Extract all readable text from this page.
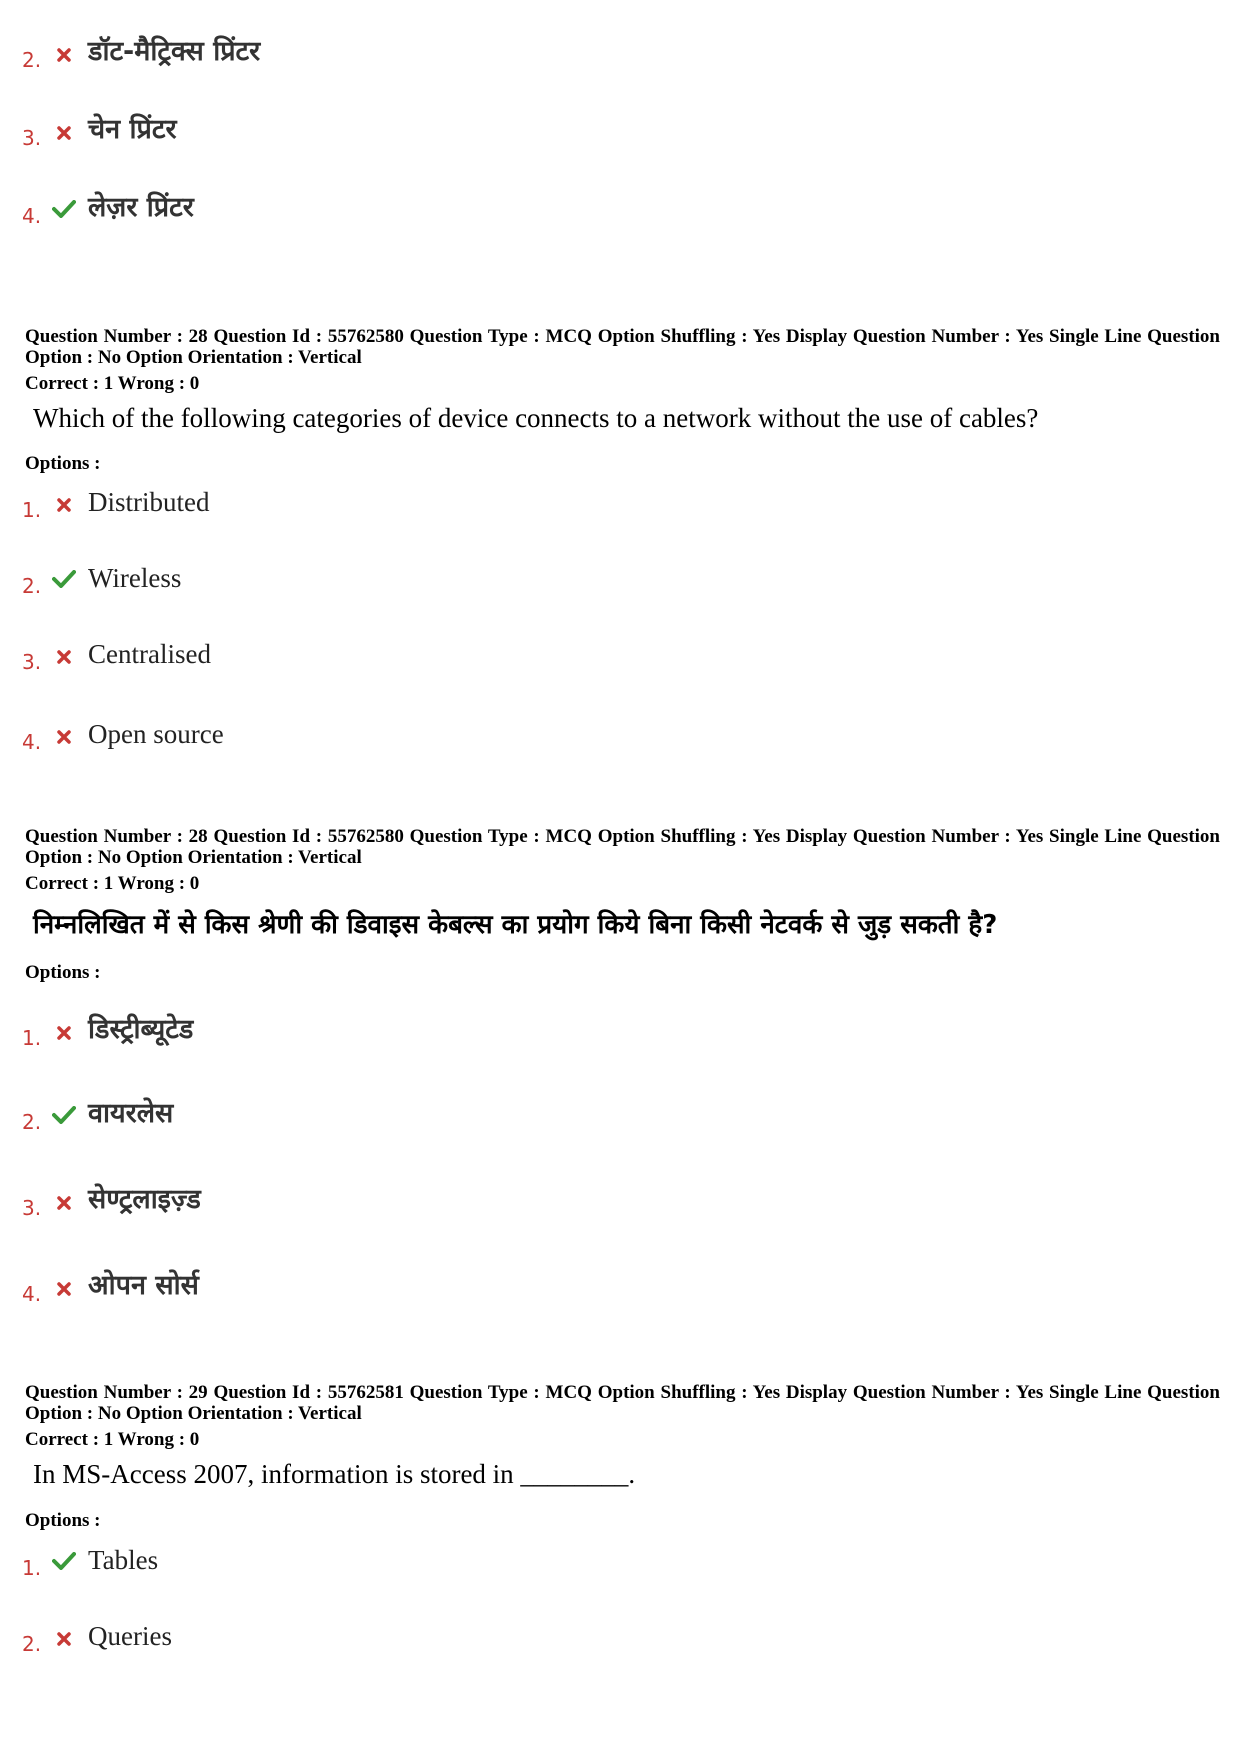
2.	डॉट-मैट्रिक्स प्रिंटर
3.	चेन प्रिंटर
4.	लेज़र प्रिंटर
Question Number : 28 Question Id : 55762580 Question Type : MCQ Option Shuffling : Yes Display Question Number : Yes Single Line Question Option : No Option Orientation : Vertical
Correct : 1 Wrong : 0
Which of the following categories of device connects to a network without the use of cables?
Options :
1.	Distributed
2.	Wireless
3.	Centralised
4.	Open source
Question Number : 28 Question Id : 55762580 Question Type : MCQ Option Shuffling : Yes Display Question Number : Yes Single Line Question Option : No Option Orientation : Vertical
Correct : 1 Wrong : 0
निम्नलिखित में से किस श्रेणी की डिवाइस केबल्स का प्रयोग किये बिना किसी नेटवर्क से जुड़ सकती है?
Options :
1.	डिस्ट्रीब्यूटेड
2.	वायरलेस
3.	सेण्ट्रलाइज़्ड
4.	ओपन सोर्स
Question Number : 29 Question Id : 55762581 Question Type : MCQ Option Shuffling : Yes Display Question Number : Yes Single Line Question Option : No Option Orientation : Vertical
Correct : 1 Wrong : 0
In MS-Access 2007, information is stored in ________.
Options :
1.	Tables
2.	Queries
